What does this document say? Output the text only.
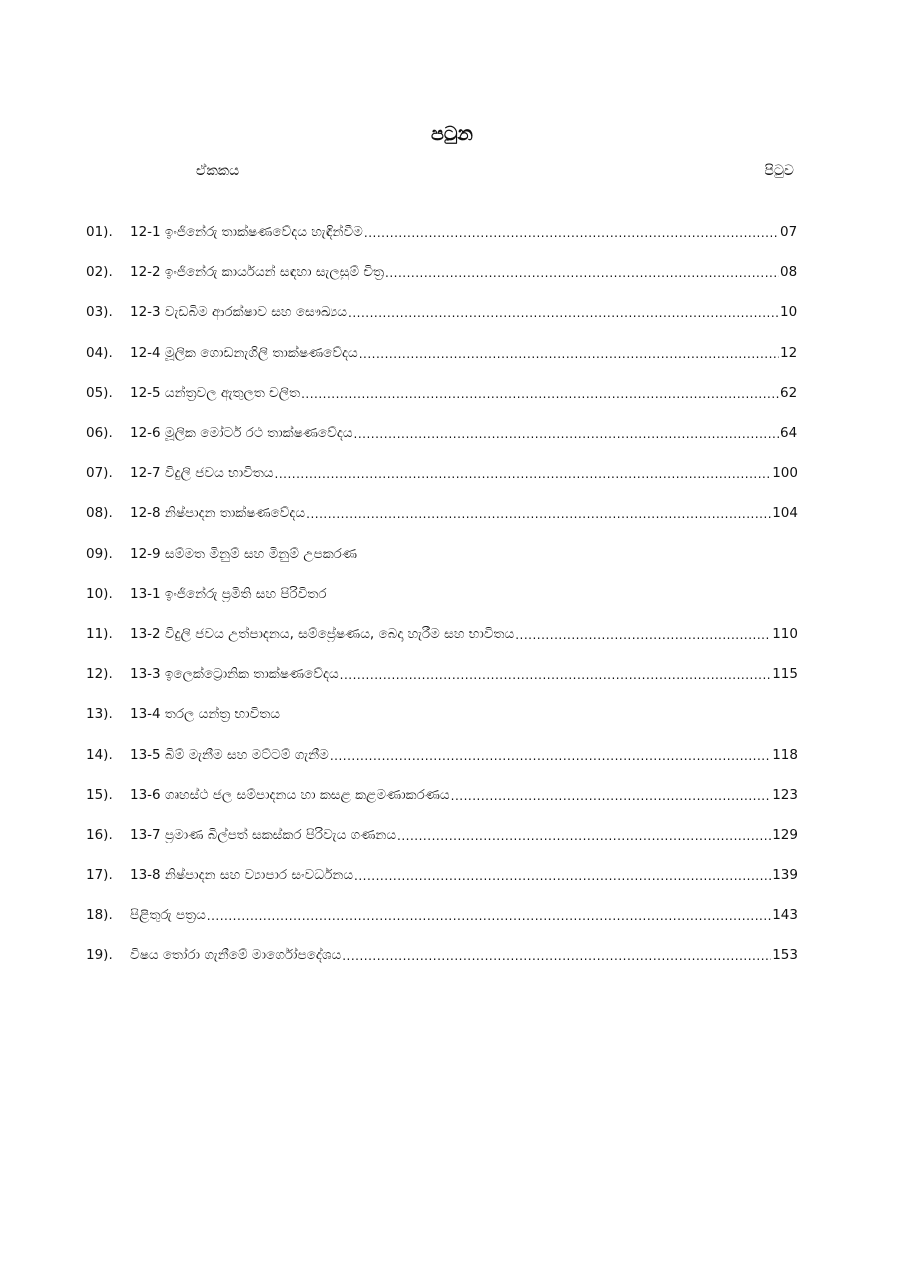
පටුන
ඒකකය	පිටුව
01).	12-1 ඉංජිනේරු තාක්ෂණවේදය හැඳින්වීම .....	07
02).	12-2 ඉංජිනේරු කාර්යයන් සඳහා සැලසුම් චිත්‍ර .....	08
03).	12-3 වැඩබිම ආරක්ෂාව සහ සෞඛ්‍යය .....	10
04).	12-4 මූලික ගොඩනැගිලි තාක්ෂණවේදය .....	12
05).	12-5 යන්ත්‍රවල ඇතුලත චලිත .....	62
06).	12-6 මූලික මෝටර් රථ තාක්ෂණවේදය .....	64
07).	12-7 විදුලි ජවය භාවිතය .....	100
08).	12-8 නිෂ්පාදන තාක්ෂණවේදය .....	104
09).	12-9 සම්මත මිනුම් සහ මිනුම් උපකරණ
10).	13-1 ඉංජිනේරු ප්‍රමිති සහ පිරිවිතර
11).	13-2 විදුලි ජවය උත්පාදනය, සම්ප්‍රේෂණය, බෙදා හැරීම සහ භාවිතය .....	110
12).	13-3 ඉලෙක්ට්‍රොනික තාක්ෂණවේදය .....	115
13).	13-4 තරල යන්ත්‍ර භාවිතය
14).	13-5 බිම් මැනීම සහ මට්ටම් ගැනීම .....	118
15).	13-6 ගෘහස්ථ ජල සම්පාදනය හා කසළ කළමණාකරණය .....	123
16).	13-7 ප්‍රමාණ බිල්පත් සකස්කර පිරිවැය ගණනය .....	129
17).	13-8 නිෂ්පාදන සහ ව්‍යාපාර සංවර්ධනය .....	139
18).	පිළිතුරු පත්‍රය .....	143
19).	විෂය තෝරා ගැනීමේ මාර්ගෝපදේශය .....	153
